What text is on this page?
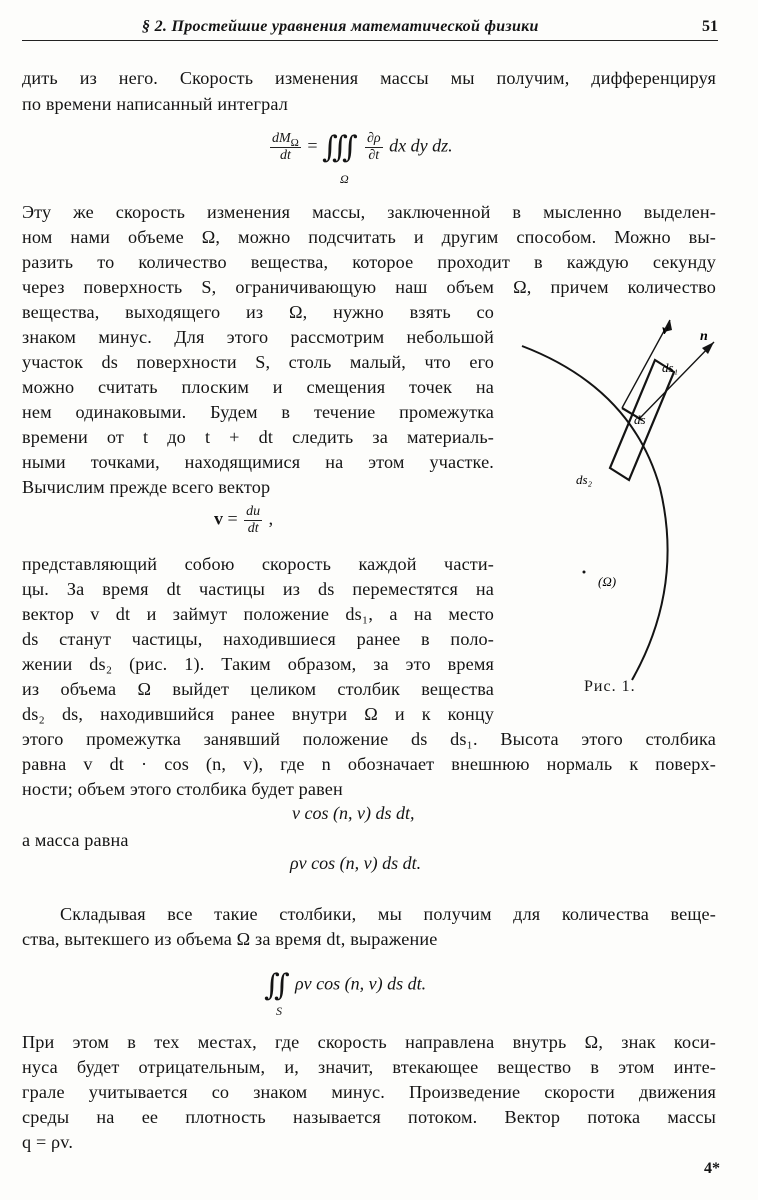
§ 2. Простейшие уравнения математической физики	51
дить из него. Скорость изменения массы мы получим, дифференцируя
по времени написанный интеграл
$\frac{dM_\Omega}{dt}$ = ∭ $\frac{\partial\rho}{\partial t}$ dx dy dz.
Ω
Эту же скорость изменения массы, заключенной в мысленно выделен-
ном нами объеме Ω, можно подсчитать и другим способом. Можно вы-
разить то количество вещества, которое проходит в каждую секунду
через поверхность S, ограничивающую наш объем Ω, причем количество
вещества, выходящего из Ω, нужно взять со
знаком минус. Для этого рассмотрим небольшой
участок ds поверхности S, столь малый, что его
можно считать плоским и смещения точек на
нем одинаковыми. Будем в течение промежутка
времени от t до t + dt следить за материаль-
ными точками, находящимися на этом участке.
Вычислим прежде всего вектор
$v = \frac{du}{dt}$ ,
представляющий собою скорость каждой части-
цы. За время dt частицы из ds переместятся на
вектор v dt и займут положение ds₁, а на место
ds станут частицы, находившиеся ранее в поло-
жении ds₂ (рис. 1). Таким образом, за это время
из объема Ω выйдет целиком столбик вещества
ds₂ ds, находившийся ранее внутри Ω и к концу
этого промежутка занявший положение ds ds₁. Высота этого столбика
равна v dt · cos (n, v), где n обозначает внешнюю нормаль к поверх-
ности; объем этого столбика будет равен
v cos (n, v) ds dt,
а масса равна
ρv cos (n, v) ds dt.
Складывая все такие столбики, мы получим для количества веще-
ства, вытекшего из объема Ω за время dt, выражение
∬ ρv cos (n, v) ds dt.
S
При этом в тех местах, где скорость направлена внутрь Ω, знак коси-
нуса будет отрицательным, и, значит, втекающее вещество в этом инте-
грале учитывается со знаком минус. Произведение скорости движения
среды на ее плотность называется потоком. Вектор потока массы
q = ρv.
v n
ds₁
ds
ds₂
(Ω)
Рис. 1.
4*
